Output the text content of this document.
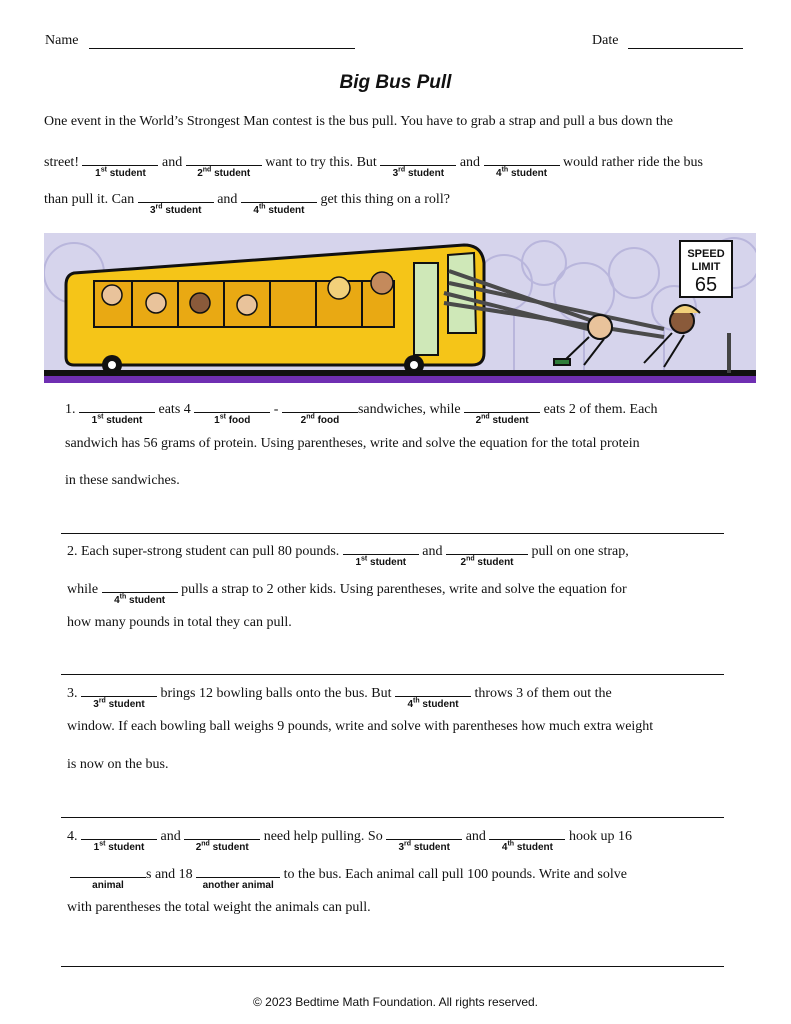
Name	Date
Big Bus Pull
One event in the World’s Strongest Man contest is the bus pull. You have to grab a strap and pull a bus down the
street!
1st student
and
2nd student
want to try this. But
3rd student
and
4th student
would rather ride the bus
than pull it. Can
3rd student
and
4th student
get this thing on a roll?
SPEED
LIMIT
65
1.
1st student
eats 4
1st food
-
2nd food
sandwiches, while
2nd student
eats 2 of them. Each
sandwich has 56 grams of protein. Using parentheses, write and solve the equation for the total protein
in these sandwiches.
2. Each super-strong student can pull 80 pounds.
1st student
and
2nd student
pull on one strap,
while
4th student
pulls a strap to 2 other kids. Using parentheses, write and solve the equation for
how many pounds in total they can pull.
3.
3rd student
brings 12 bowling balls onto the bus. But
4th student
throws 3 of them out the
window. If each bowling ball weighs 9 pounds, write and solve with parentheses how much extra weight
is now on the bus.
4.
1st student
and
2nd student
need help pulling. So
3rd student
and
4th student
hook up 16
animal
s and 18
another animal
to the bus. Each animal call pull 100 pounds. Write and solve
with parentheses the total weight the animals can pull.
© 2023 Bedtime Math Foundation. All rights reserved.
